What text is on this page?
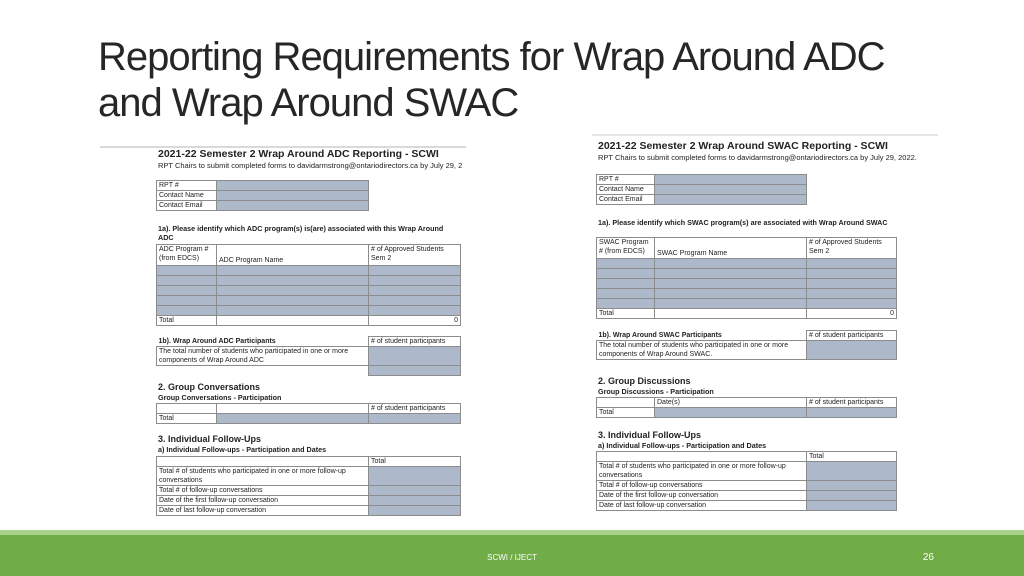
Reporting Requirements for Wrap Around ADC
and Wrap Around SWAC
2021-22 Semester 2 Wrap Around ADC Reporting - SCWI
RPT Chairs to submit completed forms to davidarmstrong@ontariodirectors.ca by July 29, 2
RPT #	
Contact Name	
Contact Email	
1a). Please identify which ADC program(s) is(are) associated with this Wrap Around ADC
ADC Program # (from EDCS)	ADC Program Name	# of Approved Students Sem 2

Total		0
1b). Wrap Around ADC Participants	# of student participants
The total number of students who participated in one or more components of Wrap Around ADC	

2. Group Conversations
Group Conversations - Participation
		# of student participants
Total		
3. Individual Follow-Ups
a) Individual Follow-ups - Participation and Dates
	Total
Total # of students who participated in one or more follow-up conversations	
Total # of follow-up conversations	
Date of the first follow-up conversation	
Date of last follow-up conversation	
2021-22 Semester 2 Wrap Around SWAC Reporting - SCWI
RPT Chairs to submit completed forms to davidarmstrong@ontariodirectors.ca by July 29, 2022.
RPT #	
Contact Name	
Contact Email	
1a). Please identify which SWAC program(s) are associated with Wrap Around SWAC
SWAC Program # (from EDCS)	SWAC Program Name	# of Approved Students Sem 2

Total		0
1b). Wrap Around SWAC Participants	# of student participants
The total number of students who participated in one or more components of Wrap Around SWAC.	
2. Group Discussions
Group Discussions - Participation
	Date(s)	# of student participants
Total		
3. Individual Follow-Ups
a) Individual Follow-ups - Participation and Dates
	Total
Total # of students who participated in one or more follow-up conversations	
Total # of follow-up conversations	
Date of the first follow-up conversation	
Date of last follow-up conversation	
SCWI / IJECT	26
